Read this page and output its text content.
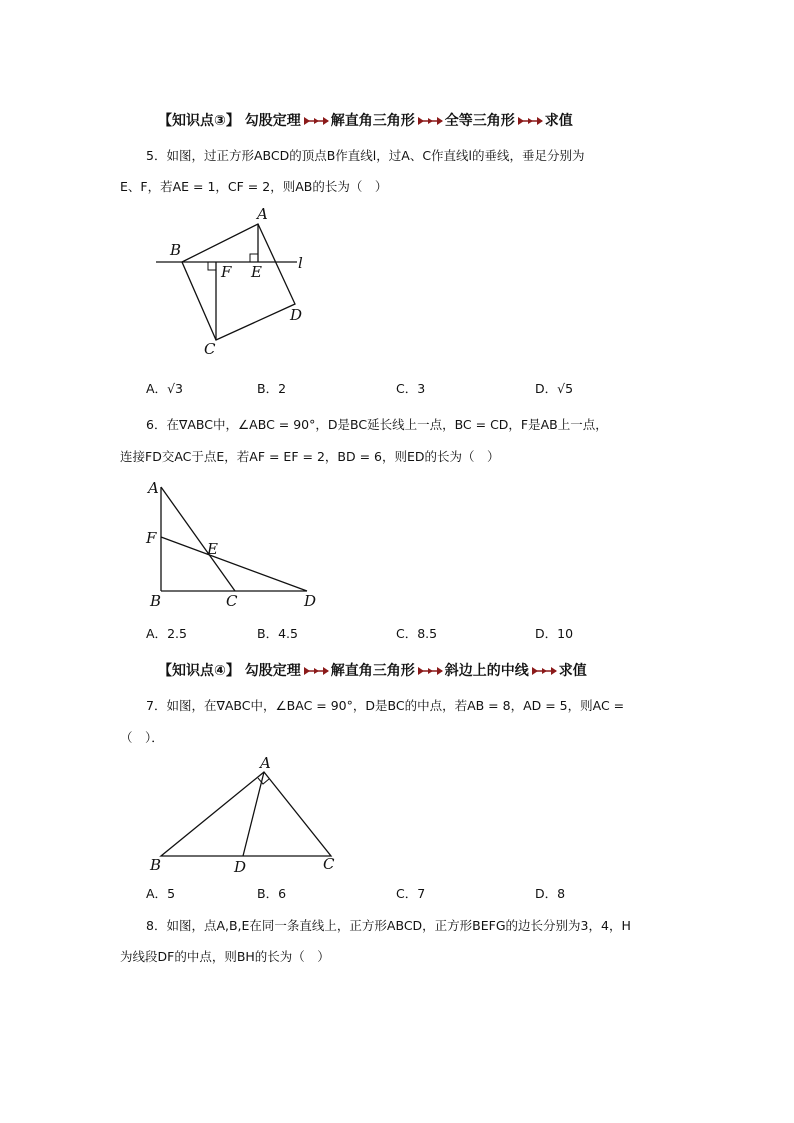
【知识点③】 勾股定理 解直角三角形 全等三角形 求值
5．如图，过正方形ABCD的顶点B作直线l，过A、C作直线l的垂线，垂足分别为
E、F，若AE = 1，CF = 2，则AB的长为（　）
A
B
E
F	l
D
C
A．√3	B．2	C．3	D．√5
6．在∇ABC中，∠ABC = 90°，D是BC延长线上一点，BC = CD，F是AB上一点，
连接FD交AC于点E，若AF = EF = 2，BD = 6，则ED的长为（　）
A
F
E
B	C	D
A．2.5	B．4.5	C．8.5	D．10
【知识点④】 勾股定理 解直角三角形 斜边上的中线 求值
7．如图，在∇ABC中，∠BAC = 90°，D是BC的中点，若AB = 8，AD = 5，则AC =
（　）．
A
B	D	C
A．5	B．6	C．7	D．8
8．如图，点A,B,E在同一条直线上，正方形ABCD，正方形BEFG的边长分别为3，4，H
为线段DF的中点，则BH的长为（　）
